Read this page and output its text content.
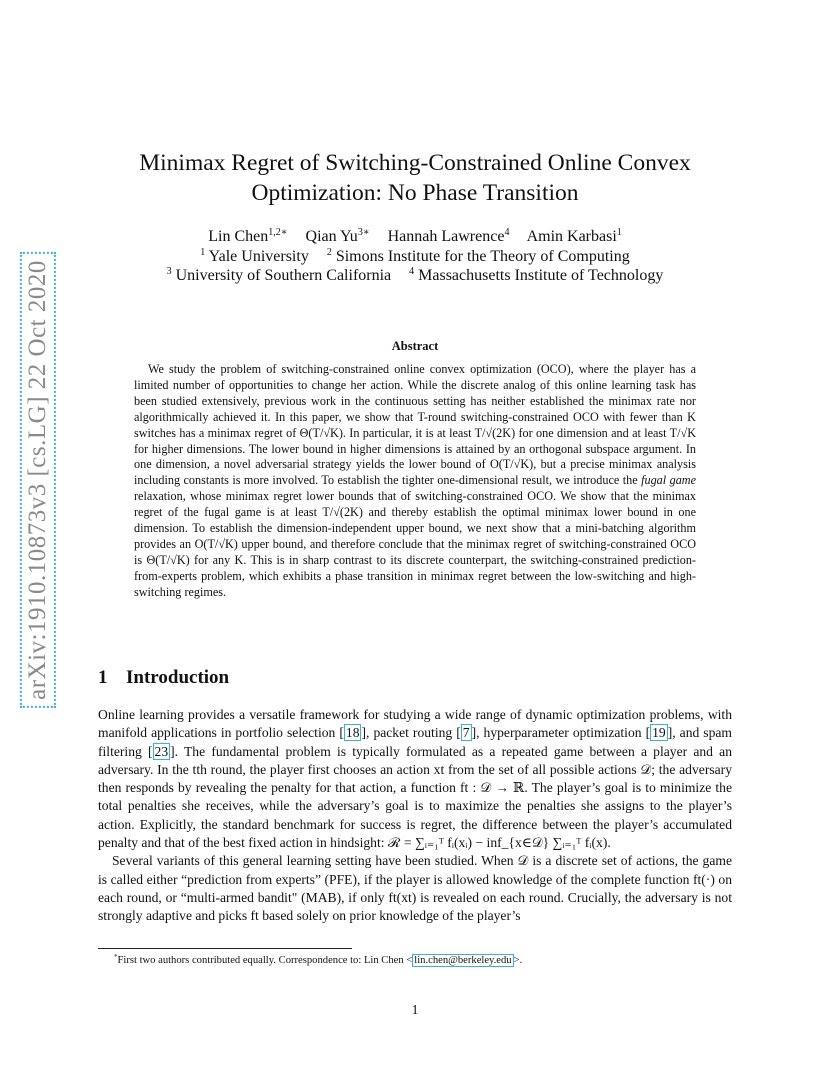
arXiv:1910.10873v3 [cs.LG] 22 Oct 2020
Minimax Regret of Switching-Constrained Online Convex
Optimization: No Phase Transition
Lin Chen$^{1,2∗}$ Qian $Yu^{3∗}$ Hannah Lawrence$^4$ Amin Karbasi$^1$
$^1$ Yale University $^2$ Simons Institute for the Theory of Computing
$^3$ University of Southern California $^4$ Massachusetts Institute of Technology
Abstract
We study the problem of switching-constrained online convex optimization (OCO), where the player has a limited number of opportunities to change her action. While the discrete analog of this online learning task has been studied extensively, previous work in the continuous setting has neither established the minimax rate nor algorithmically achieved it. In this paper, we show that T-round switching-constrained OCO with fewer than K switches has a minimax regret of Θ(T/√K). In particular, it is at least T/√(2K) for one dimension and at least T/√K for higher dimensions. The lower bound in higher dimensions is attained by an orthogonal subspace argument. In one dimension, a novel adversarial strategy yields the lower bound of O(T/√K), but a precise minimax analysis including constants is more involved. To establish the tighter one-dimensional result, we introduce the fugal game relaxation, whose minimax regret lower bounds that of switching-constrained OCO. We show that the minimax regret of the fugal game is at least T/√(2K) and thereby establish the optimal minimax lower bound in one dimension. To establish the dimension-independent upper bound, we next show that a mini-batching algorithm provides an O(T/√K) upper bound, and therefore conclude that the minimax regret of switching-constrained OCO is Θ(T/√K) for any K. This is in sharp contrast to its discrete counterpart, the switching-constrained prediction-from-experts problem, which exhibits a phase transition in minimax regret between the low-switching and high-switching regimes.
1 Introduction

Online learning provides a versatile framework for studying a wide range of dynamic optimization problems, with manifold applications in portfolio selection [ 18 ], packet routing [ 7 ], hyperparameter optimization [ 19 ], and spam filtering [ 23 ]. The fundamental problem is typically formulated as a repeated game between a player and an adversary. In the tth round, the player first chooses an action xt from the set of all possible actions 𝒟; the adversary then responds by revealing the penalty for that action, a function ft : 𝒟 → ℝ. The player’s goal is to minimize the total penalties she receives, while the adversary’s goal is to maximize the penalties she assigns to the player’s action. Explicitly, the standard benchmark for success is regret, the difference between the player’s accumulated penalty and that of the best fixed action in hindsight: ℛ = ∑ᵢ₌₁ᵀ fᵢ(xᵢ) − inf_{x∈𝒟} ∑ᵢ₌₁ᵀ fᵢ(x).

Several variants of this general learning setting have been studied. When 𝒟 is a discrete set of actions, the game is called either “prediction from experts” (PFE), if the player is allowed knowledge of the complete function ft(·) on each round, or “multi-armed bandit" (MAB), if only ft(xt) is revealed on each round. Crucially, the adversary is not strongly adaptive and picks ft based solely on prior knowledge of the player’s

*First two authors contributed equally. Correspondence to: Lin Chen < lin.chen@berkeley.edu >.
1
